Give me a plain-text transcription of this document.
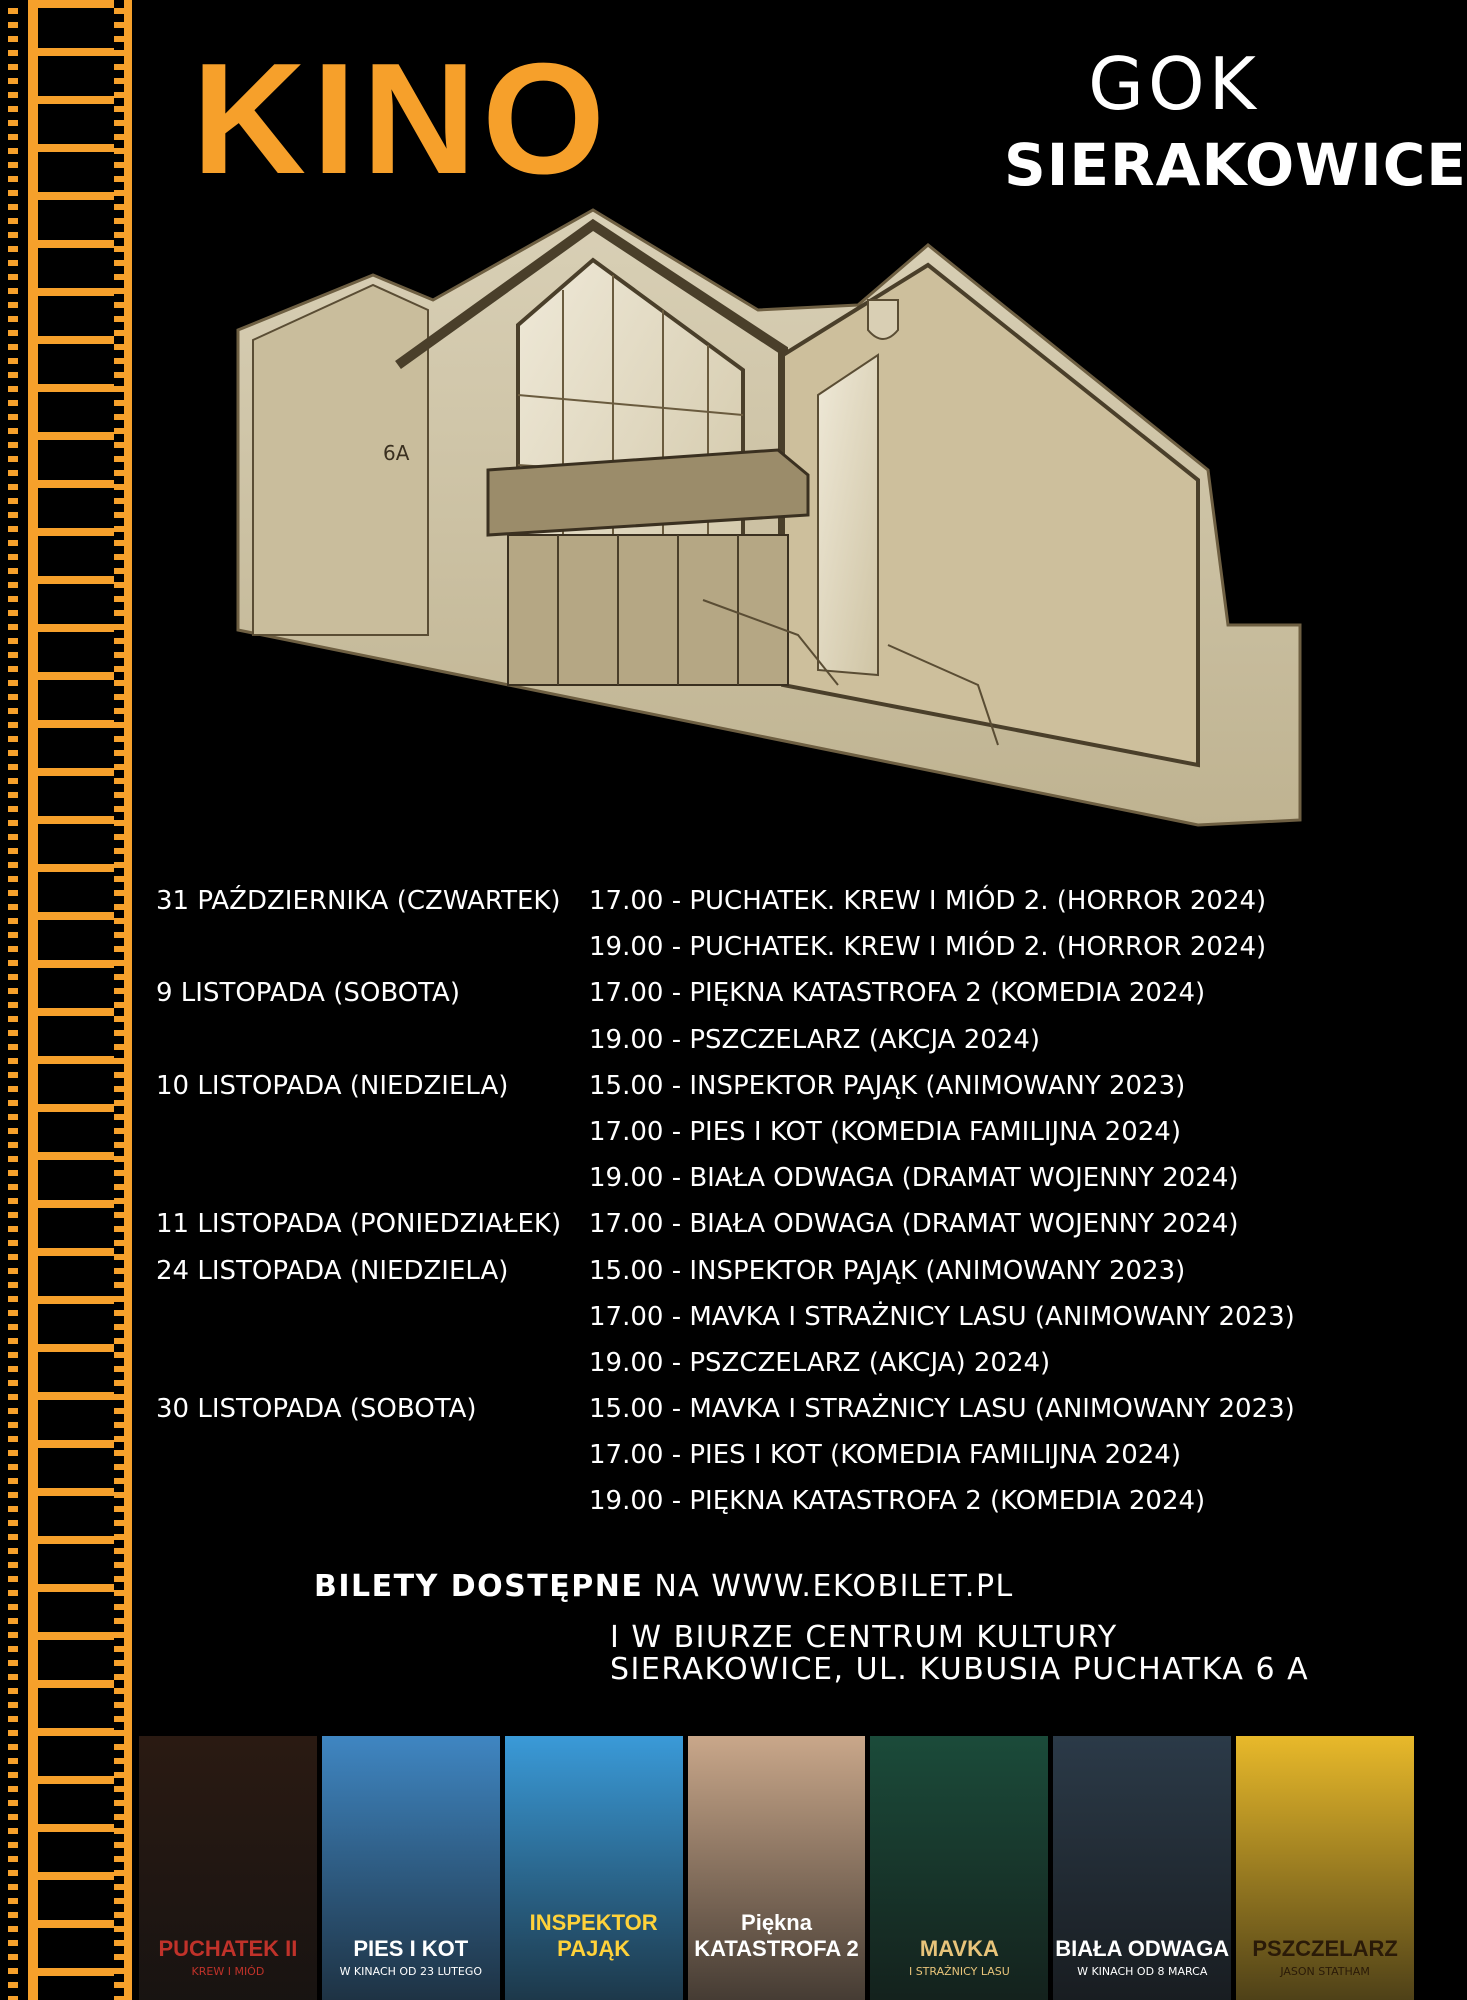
KINO	GOK
SIERAKOWICE
6A
31 PAŹDZIERNIKA (CZWARTEK) 17.00 - PUCHATEK. KREW I MIÓD 2. (HORROR 2024)
19.00 - PUCHATEK. KREW I MIÓD 2. (HORROR 2024)
9 LISTOPADA (SOBOTA)	17.00 - PIĘKNA KATASTROFA 2 (KOMEDIA 2024)
19.00 - PSZCZELARZ (AKCJA 2024)
10 LISTOPADA (NIEDZIELA)	15.00 - INSPEKTOR PAJĄK (ANIMOWANY 2023)
17.00 - PIES I KOT (KOMEDIA FAMILIJNA 2024)
19.00 - BIAŁA ODWAGA (DRAMAT WOJENNY 2024)
11 LISTOPADA (PONIEDZIAŁEK) 17.00 - BIAŁA ODWAGA (DRAMAT WOJENNY 2024)
24 LISTOPADA (NIEDZIELA)	15.00 - INSPEKTOR PAJĄK (ANIMOWANY 2023)
17.00 - MAVKA I STRAŻNICY LASU (ANIMOWANY 2023)
19.00 - PSZCZELARZ (AKCJA) 2024)
30 LISTOPADA (SOBOTA)	15.00 - MAVKA I STRAŻNICY LASU (ANIMOWANY 2023)
17.00 - PIES I KOT (KOMEDIA FAMILIJNA 2024)
19.00 - PIĘKNA KATASTROFA 2 (KOMEDIA 2024)
BILETY DOSTĘPNE NA WWW.EKOBILET.PL
I W BIURZE CENTRUM KULTURY
SIERAKOWICE, UL. KUBUSIA PUCHATKA 6 A
PUCHATEK II
KREW I MIÓD
PIES I KOT
W KINACH OD 23 LUTEGO
INSPEKTOR PAJĄK
Piękna KATASTROFA 2	MAVKA
I STRAŻNICY LASU
BIAŁA ODWAGA
W KINACH OD 8 MARCA
PSZCZELARZ
JASON STATHAM
